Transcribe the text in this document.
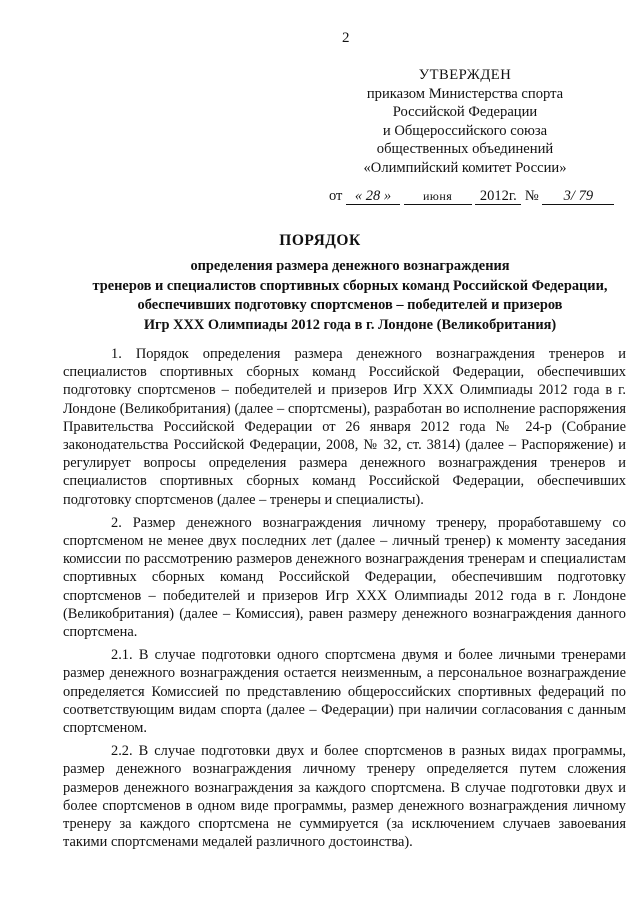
2
УТВЕРЖДЕН
приказом Министерства спорта
Российской Федерации
и Общероссийского союза
общественных объединений
«Олимпийский комитет России»
от « 28 »	июня 2012г. № 3/ 79
ПОРЯДОК
определения размера денежного вознаграждения
тренеров и специалистов спортивных сборных команд Российской Федерации,
обеспечивших подготовку спортсменов – победителей и призеров
Игр XXX Олимпиады 2012 года в г. Лондоне (Великобритания)

1. Порядок определения размера денежного вознаграждения тренеров и специалистов спортивных сборных команд Российской Федерации, обеспечивших подготовку спортсменов – победителей и призеров Игр XXX Олимпиады 2012 года в г. Лондоне (Великобритания) (далее – спортсмены), разработан во исполнение распоряжения Правительства Российской Федерации от 26 января 2012 года № 24-р (Собрание законодательства Российской Федерации, 2008, № 32, ст. 3814) (далее – Распоряжение) и регулирует вопросы определения размера денежного вознаграждения тренеров и специалистов спортивных сборных команд Российской Федерации, обеспечивших подготовку спортсменов (далее – тренеры и специалисты).

2. Размер денежного вознаграждения личному тренеру, проработавшему со спортсменом не менее двух последних лет (далее – личный тренер) к моменту заседания комиссии по рассмотрению размеров денежного вознаграждения тренерам и специалистам спортивных сборных команд Российской Федерации, обеспечившим подготовку спортсменов – победителей и призеров Игр XXX Олимпиады 2012 года в г. Лондоне (Великобритания) (далее – Комиссия), равен размеру денежного вознаграждения данного спортсмена.

2.1. В случае подготовки одного спортсмена двумя и более личными тренерами размер денежного вознаграждения остается неизменным, а персональное вознаграждение определяется Комиссией по представлению общероссийских спортивных федераций по соответствующим видам спорта (далее – Федерации) при наличии согласования с данным спортсменом.

2.2. В случае подготовки двух и более спортсменов в разных видах программы, размер денежного вознаграждения личному тренеру определяется путем сложения размеров денежного вознаграждения за каждого спортсмена. В случае подготовки двух и более спортсменов в одном виде программы, размер денежного вознаграждения личному тренеру за каждого спортсмена не суммируется (за исключением случаев завоевания такими спортсменами медалей различного достоинства).
